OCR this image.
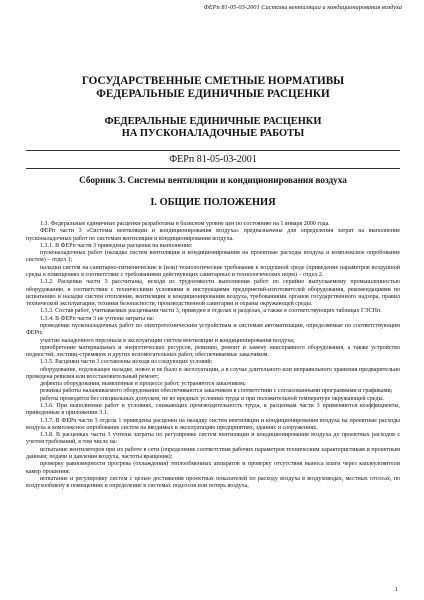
ФЕРп 81-05-03-2001 Системы вентиляции и кондиционирования воздуха
ГОСУДАРСТВЕННЫЕ СМЕТНЫЕ НОРМАТИВЫ
ФЕДЕРАЛЬНЫЕ ЕДИНИЧНЫЕ РАСЦЕНКИ
ФЕДЕРАЛЬНЫЕ ЕДИНИЧНЫЕ РАСЦЕНКИ
НА ПУСКОНАЛАДОЧНЫЕ РАБОТЫ
ФЕРп 81-05-03-2001
Сборник 3. Системы вентиляции и кондиционирования воздуха
I. ОБЩИЕ ПОЛОЖЕНИЯ

1.3. Федеральные единичные расценки разработаны в базисном уровне цен по состоянию на 1 января 2000 года.

ФЕРп части 3 «Системы вентиляции и кондиционирования воздуха» предназначены для определения затрат на выполнение пусконаладочных работ по системам вентиляции и кондиционирования воздуха.

1.3.1. В ФЕРп части 3 приведены расценки на выполнение:

пусконаладочных работ (наладка систем вентиляции и кондиционирования на проектные расходы воздуха и комплексное опробование систем) – отдел 1;

наладки систем на санитарно-гигиенические и (или) технологические требования к воздушной среде (приведение параметров воздушной среды в помещениях в соответствие с требованиями действующих санитарных и технологических норм) – отдел 2.

1.3.2. Расценки части 3 рассчитаны, исходя из трудоемкости выполнения работ по серийно выпускаемому промышленностью оборудованию, в соответствии с техническими условиями и инструкциями предприятий-изготовителей оборудования, рекомендациями по испытанию и наладке систем отопления, вентиляции и кондиционирования воздуха, требованиями органов государственного надзора, правил технической эксплуатации, техники безопасности, производственной санитарии и охраны окружающей среды.

1.3.3. Состав работ, учитываемых расценками части 3, приведен в отделах и разделах, а также в соответствующих таблицах ГЭСНп.

1.3.4. В ФЕРп части 3 не учтены затраты на:

проведение пусконаладочных работ по электротехническим устройствам и системам автоматизации, определяемые по соответствующим ФЕРп;

участие наладочного персонала в эксплуатации систем вентиляции и кондиционирования воздуха;

приобретение материальных и энергетических ресурсов, ревизию, ремонт и замену неисправного оборудования, а также устройство подмостей, лестниц-стремянок и других вспомогательных работ, обеспечиваемые заказчиком.

1.3.5. Расценки части 3 составлены исходя из следующих условий:

оборудование, подлежащее наладке, новое и не было в эксплуатации, а в случае длительного или неправильного хранения предварительно проведена ревизия или восстановительный ремонт;

дефекты оборудования, выявленные в процессе работ, устраняются заказчиком;

режимы работы налаживаемого оборудования обеспечиваются заказчиком в соответствии с согласованными программами и графиками;

работы проводятся без специальных допусков, не во вредных условиях труда и при положительной температуре окружающей среды.

1.3.6. При выполнении работ в условиях, снижающих производительность труда, к расценкам части 3 применяются коэффициенты, приведенные в приложении 3.1.

1.3.7. В ФЕРп части 3 отдела 1 приведены расценки на наладку систем вентиляции и кондиционирования воздуха на проектные расходы воздуха и комплексное опробование систем на вводимых в эксплуатацию предприятиях, зданиях и сооружениях.

1.3.8. В расценках части 3 учтены затраты по регулировке систем вентиляции и кондиционирования воздуха до проектных расходов с учетом требований, в том числе на:

испытание вентиляторов при их работе в сети (определение соответствия рабочих параметров техническим характеристикам и проектным данным; подачи и давления воздуха, частоты вращения);

проверку равномерности прогрева (охлаждения) теплообменных аппаратов и проверку отсутствия выноса влаги через каплеуловители камер орошения;

испытание и регулировку систем с целью достижения проектных показателей по расходу воздуха в воздуховодах, местных отсосах, по воздухообмену в помещениях и определение в системах подсосов или потерь воздуха,

1
